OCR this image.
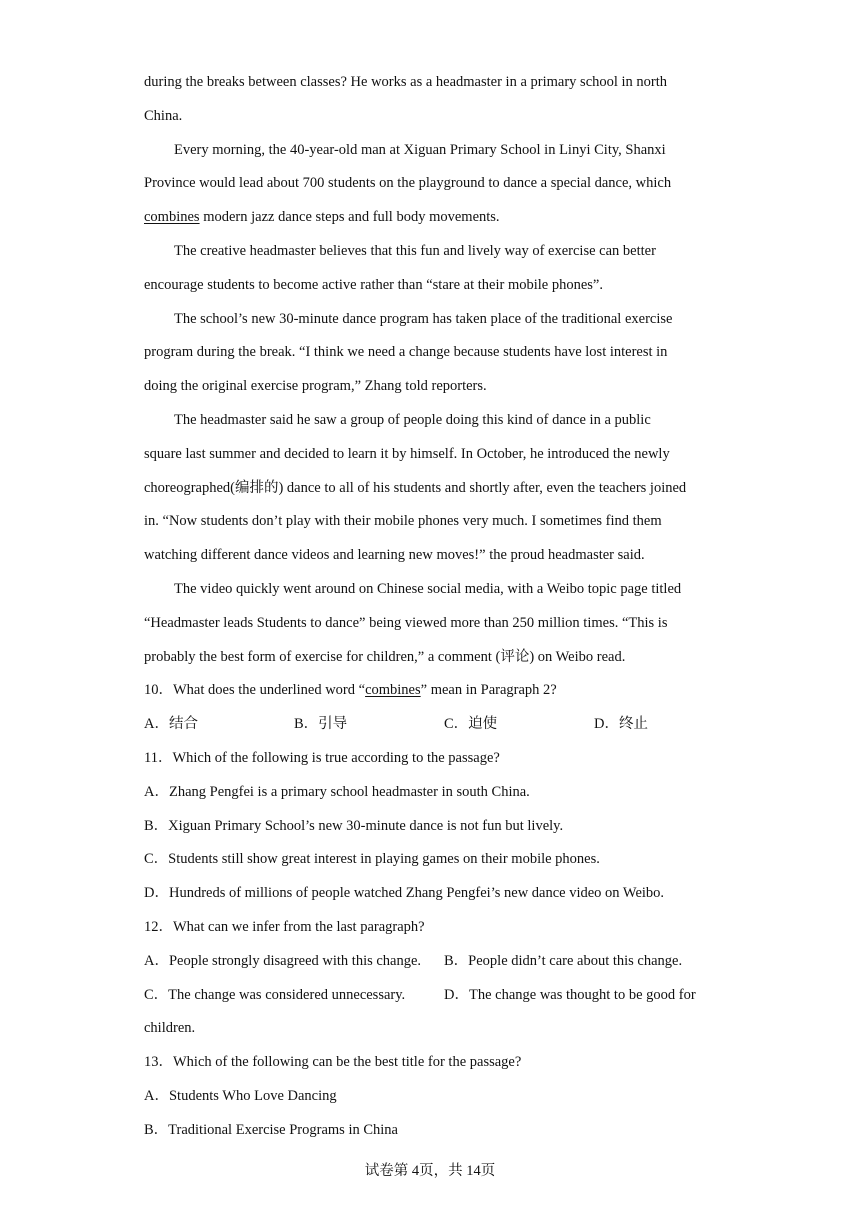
during the breaks between classes? He works as a headmaster in a primary school in north
China.
Every morning, the 40-year-old man at Xiguan Primary School in Linyi City, Shanxi
Province would lead about 700 students on the playground to dance a special dance, which
combines modern jazz dance steps and full body movements.
The creative headmaster believes that this fun and lively way of exercise can better
encourage students to become active rather than “stare at their mobile phones”.
The school’s new 30-minute dance program has taken place of the traditional exercise
program during the break. “I think we need a change because students have lost interest in
doing the original exercise program,” Zhang told reporters.
The headmaster said he saw a group of people doing this kind of dance in a public
square last summer and decided to learn it by himself. In October, he introduced the newly
choreographed(编排的) dance to all of his students and shortly after, even the teachers joined
in. “Now students don’t play with their mobile phones very much. I sometimes find them
watching different dance videos and learning new moves!” the proud headmaster said.
The video quickly went around on Chinese social media, with a Weibo topic page titled
“Headmaster leads Students to dance” being viewed more than 250 million times. “This is
probably the best form of exercise for children,” a comment (评论) on Weibo read.
10．What does the underlined word “combines” mean in Paragraph 2?
A．结合	B．引导	C．迫使	D．终止
11．Which of the following is true according to the passage?
A．Zhang Pengfei is a primary school headmaster in south China.
B．Xiguan Primary School’s new 30-minute dance is not fun but lively.
C．Students still show great interest in playing games on their mobile phones.
D．Hundreds of millions of people watched Zhang Pengfei’s new dance video on Weibo.
12．What can we infer from the last paragraph?
A．People strongly disagreed with this change. B．People didn’t care about this change.
C．The change was considered unnecessary.	D．The change was thought to be good for
children.
13．Which of the following can be the best title for the passage?
A．Students Who Love Dancing
B．Traditional Exercise Programs in China
试卷第 4页，共 14页
